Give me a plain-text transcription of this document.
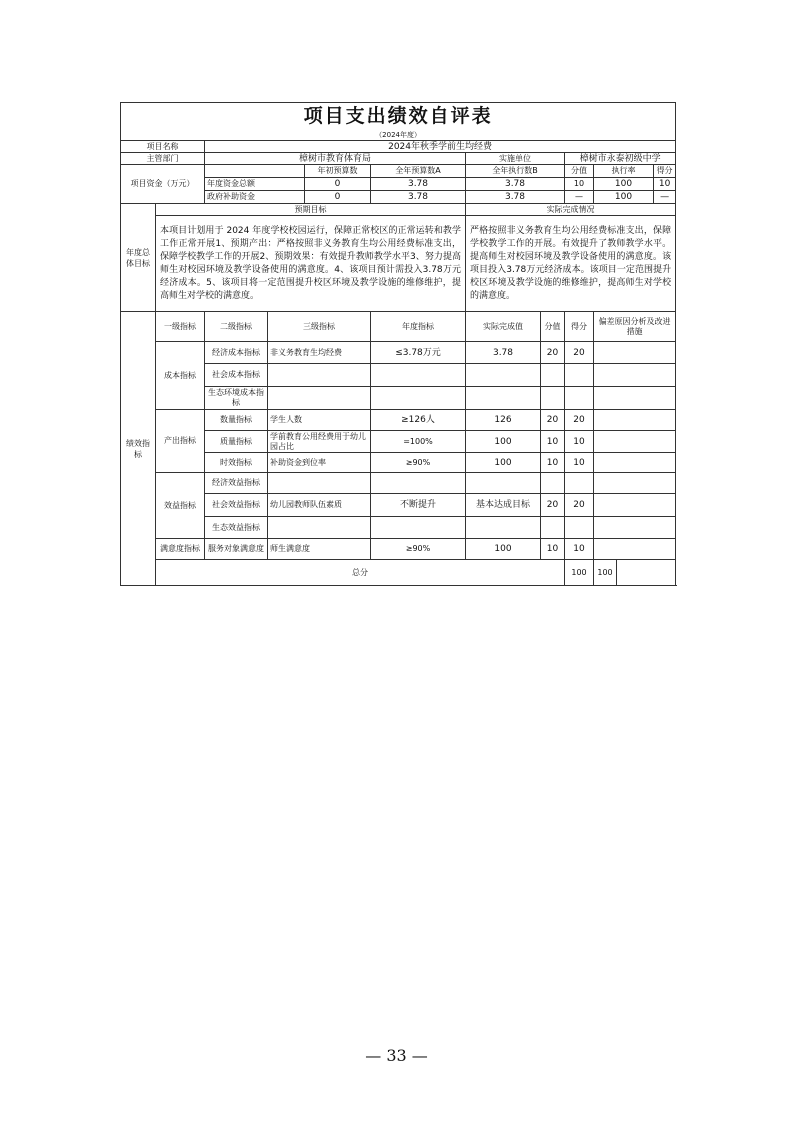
项目支出绩效自评表											
（2024年度）											
项目名称		2024年秋季学前生均经费									
主管部门		樟树市教育体育局				实施单位		樟树市永泰初级中学			
项目资金（万元）				年初预算数	全年预算数A	全年执行数B		分值	执行率		得分
		年度资金总额		0	3.78	3.78		10	100		10
		政府补助资金		0	3.78	3.78		—	100		—
年度总体目标	预期目标					实际完成情况					

	本项目计划用于 2024 年度学校校园运行，保障正常校区的正常运转和教学工作正常开展1、预期产出：严格按照非义务教育生均公用经费标准支出，保障学校教学工作的开展2、预期效果：有效提升教师教学水平3、努力提高师生对校园环境及教学设备使用的满意度。4、该项目预计需投入3.78万元经济成本。5、该项目将一定范围提升校区环境及教学设施的维修维护，提高师生对学校的满意度。					严格按照非义务教育生均公用经费标准支出，保障学校教学工作的开展。有效提升了教师教学水平。提高师生对校园环境及教学设备使用的满意度。该项目投入3.78万元经济成本。该项目一定范围提升校区环境及教学设施的维修维护，提高师生对学校的满意度。					

绩效指标	一级指标	二级指标	三级指标		年度指标	实际完成值	分值	得分	偏差原因分析及改进措施		
	成本指标	经济成本指标	非义务教育生均经费		≤3.78万元	3.78	20	20			
		社会成本指标									
		生态环境成本指标									
	产出指标	数量指标	学生人数		≥126人	126	20	20			
		质量指标	学前教育公用经费用于幼儿园占比		=100%	100	10	10			
		时效指标	补助资金到位率		≥90%	100	10	10			
	效益指标	经济效益指标									
		社会效益指标	幼儿园教师队伍素质		不断提升	基本达成目标	20	20			
		生态效益指标									
	满意度指标	服务对象满意度	师生满意度		≥90%	100	10	10			
	总分							100	100		
— 33 —
